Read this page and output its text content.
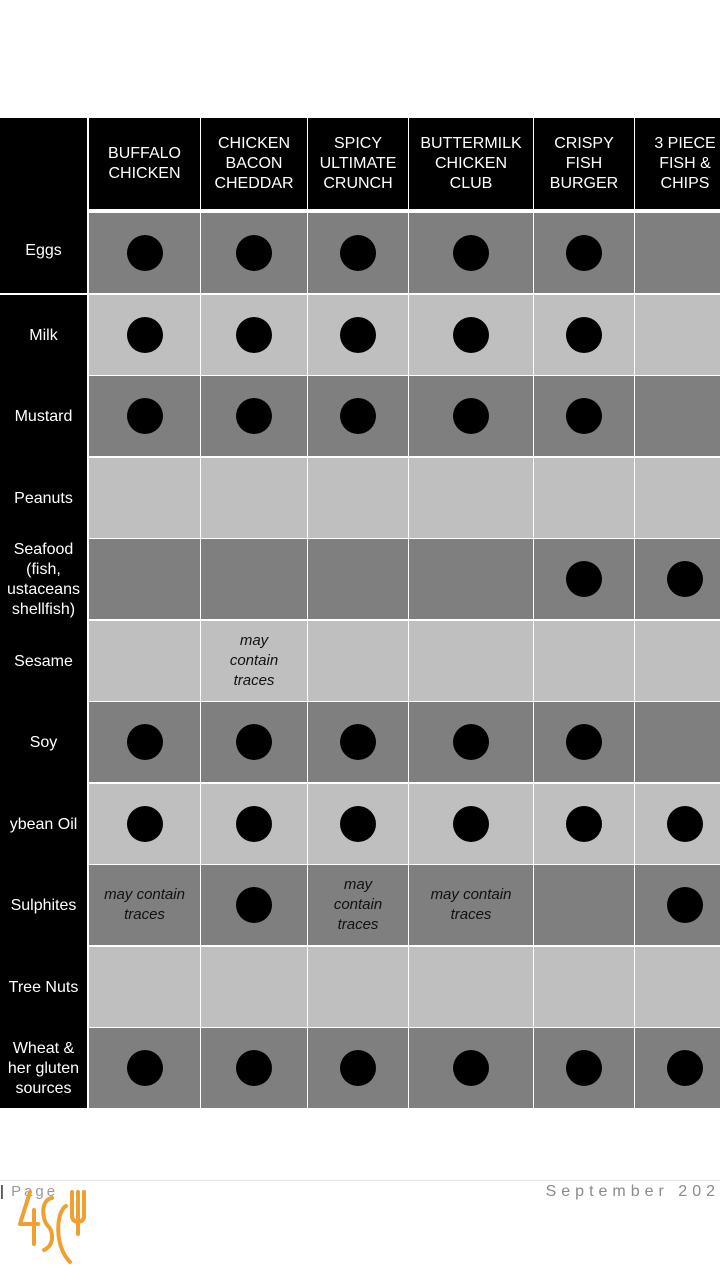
BUFFALO
CHICKEN
CHICKEN
BACON
CHEDDAR
SPICY
ULTIMATE
CRUNCH
BUTTERMILK
CHICKEN
CLUB
CRISPY
FISH
BURGER
3 PIECE
FISH &
CHIPS
Eggs
Milk
Mustard
Peanuts
Seafood
(fish,
ustaceans
shellfish)
Sesame
may
contain
traces
Soy
ybean Oil
Sulphites
may contain
traces
may
contain
traces
may contain
traces
Tree Nuts
Wheat &
her gluten
sources
| Page	September 202
